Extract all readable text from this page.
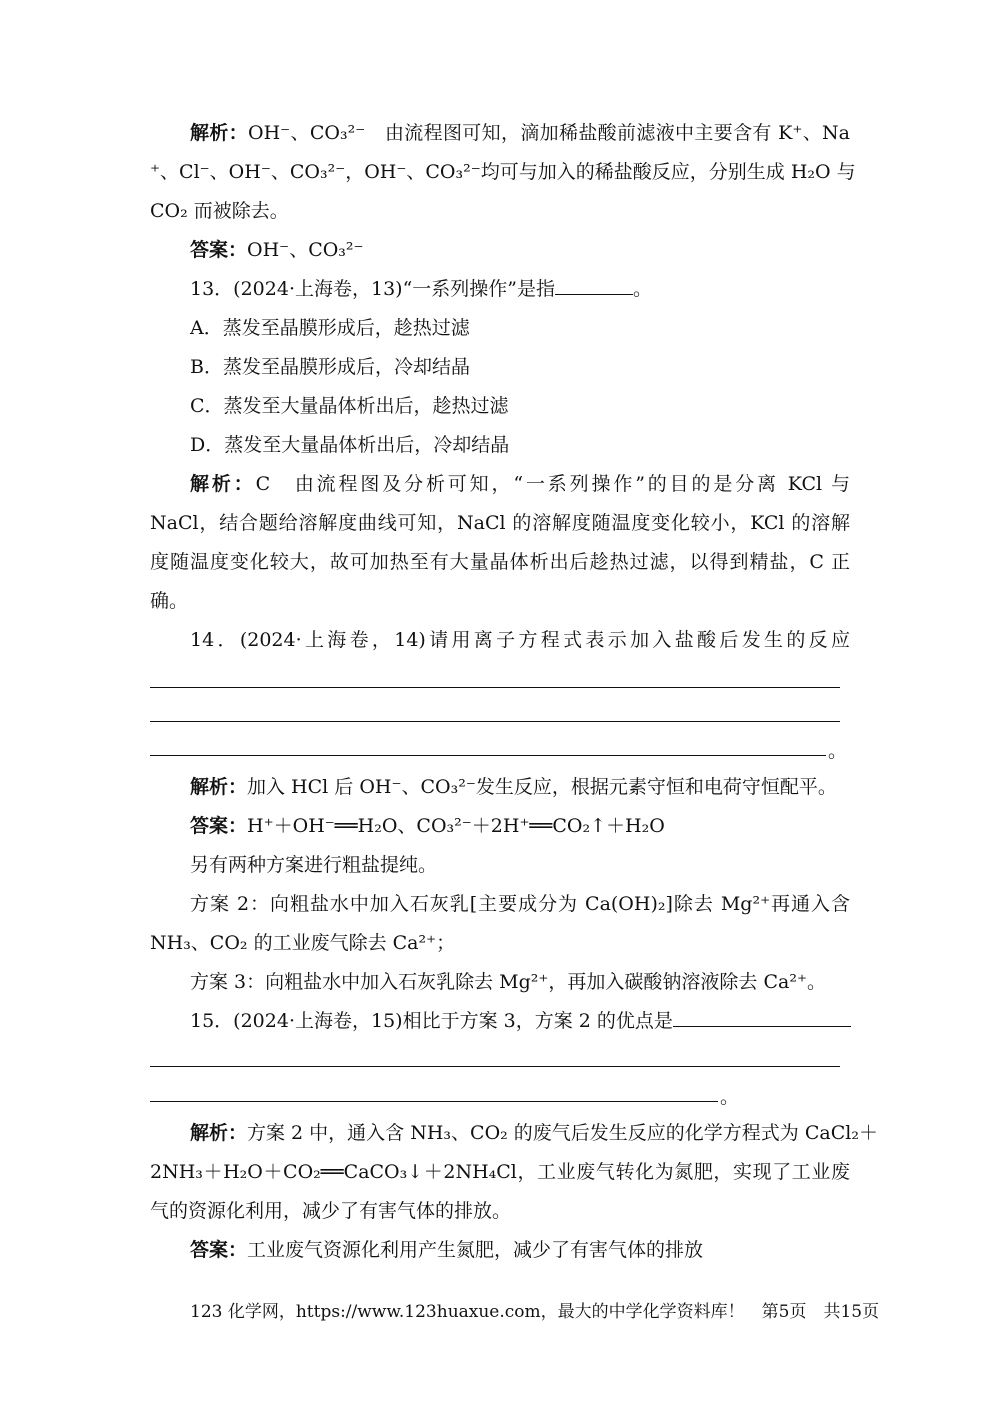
解析：OH⁻、CO₃²⁻　由流程图可知，滴加稀盐酸前滤液中主要含有 K⁺、Na
⁺、Cl⁻、OH⁻、CO₃²⁻，OH⁻、CO₃²⁻均可与加入的稀盐酸反应，分别生成 H₂O 与
CO₂ 而被除去。
答案：OH⁻、CO₃²⁻
13．(2024·上海卷，13)“一系列操作”是指	。
A．蒸发至晶膜形成后，趁热过滤
B．蒸发至晶膜形成后，冷却结晶
C．蒸发至大量晶体析出后，趁热过滤
D．蒸发至大量晶体析出后，冷却结晶
解析：C　由流程图及分析可知，“一系列操作”的目的是分离 KCl 与
NaCl，结合题给溶解度曲线可知，NaCl 的溶解度随温度变化较小，KCl 的溶解
度随温度变化较大，故可加热至有大量晶体析出后趁热过滤，以得到精盐，C 正
确。
14．(2024·上海卷，14)请用离子方程式表示加入盐酸后发生的反应
。
解析：加入 HCl 后 OH⁻、CO₃²⁻发生反应，根据元素守恒和电荷守恒配平。
答案：H⁺＋OH⁻══H₂O、CO₃²⁻＋2H⁺══CO₂↑＋H₂O
另有两种方案进行粗盐提纯。
方案 2：向粗盐水中加入石灰乳[主要成分为 Ca(OH)₂]除去 Mg²⁺再通入含
NH₃、CO₂ 的工业废气除去 Ca²⁺；
方案 3：向粗盐水中加入石灰乳除去 Mg²⁺，再加入碳酸钠溶液除去 Ca²⁺。
15．(2024·上海卷，15)相比于方案 3，方案 2 的优点是
。
解析：方案 2 中，通入含 NH₃、CO₂ 的废气后发生反应的化学方程式为 CaCl₂＋
2NH₃＋H₂O＋CO₂══CaCO₃↓＋2NH₄Cl，工业废气转化为氮肥，实现了工业废
气的资源化利用，减少了有害气体的排放。
答案：工业废气资源化利用产生氮肥，减少了有害气体的排放
123 化学网，https://www.123huaxue.com，最大的中学化学资料库！　第5页　共15页
